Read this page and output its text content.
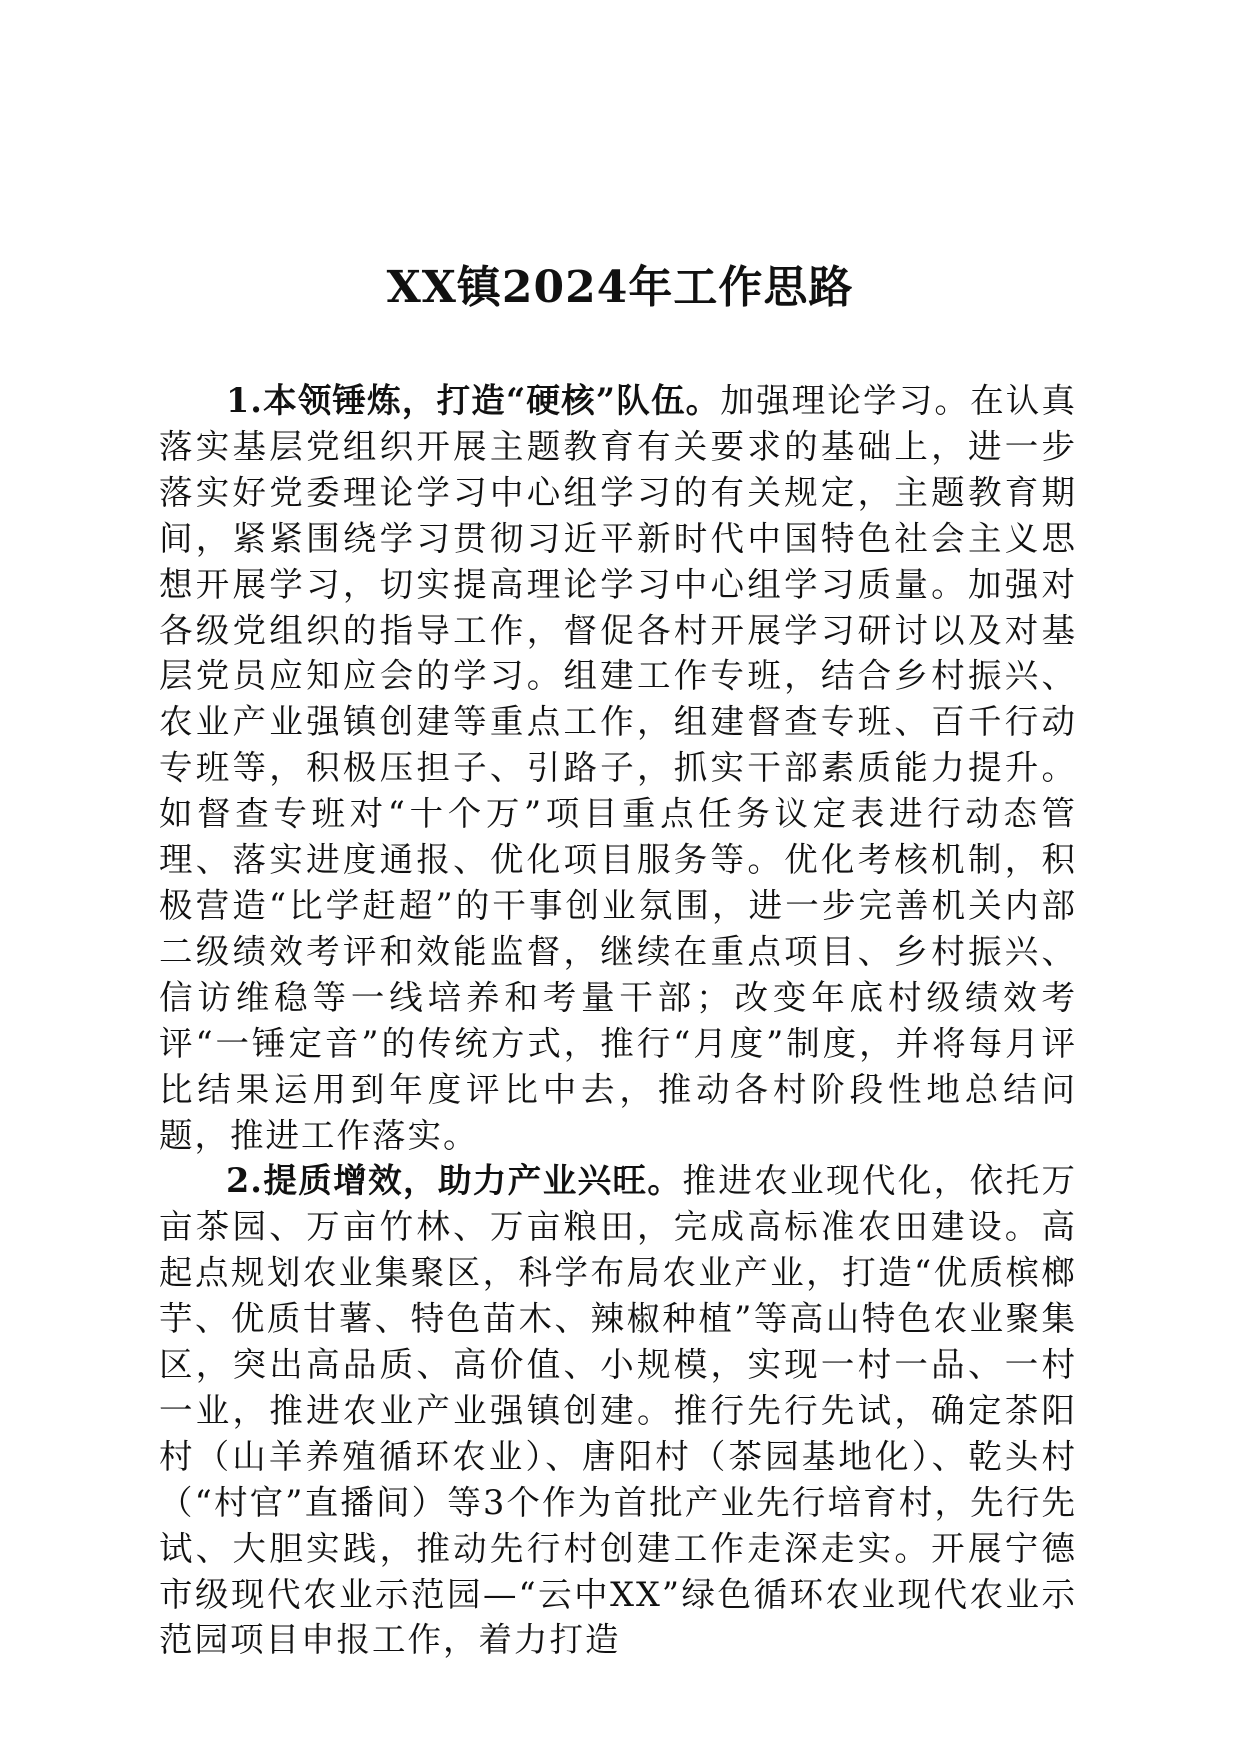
XX镇2024年工作思路

1.本领锤炼，打造“硬核”队伍。加强理论学习。在认真落实基层党组织开展主题教育有关要求的基础上，进一步落实好党委理论学习中心组学习的有关规定，主题教育期间，紧紧围绕学习贯彻习近平新时代中国特色社会主义思想开展学习，切实提高理论学习中心组学习质量。加强对各级党组织的指导工作，督促各村开展学习研讨以及对基层党员应知应会的学习。组建工作专班，结合乡村振兴、农业产业强镇创建等重点工作，组建督查专班、百千行动专班等，积极压担子、引路子，抓实干部素质能力提升。如督查专班对“十个万”项目重点任务议定表进行动态管理、落实进度通报、优化项目服务等。优化考核机制，积极营造“比学赶超”的干事创业氛围，进一步完善机关内部二级绩效考评和效能监督，继续在重点项目、乡村振兴、信访维稳等一线培养和考量干部；改变年底村级绩效考评“一锤定音”的传统方式，推行“月度”制度，并将每月评比结果运用到年度评比中去，推动各村阶段性地总结问题，推进工作落实。

2.提质增效，助力产业兴旺。推进农业现代化，依托万亩茶园、万亩竹林、万亩粮田，完成高标准农田建设。高起点规划农业集聚区，科学布局农业产业，打造“优质槟榔芋、优质甘薯、特色苗木、辣椒种植”等高山特色农业聚集区，突出高品质、高价值、小规模，实现一村一品、一村一业，推进农业产业强镇创建。推行先行先试，确定茶阳村（山羊养殖循环农业）、唐阳村（茶园基地化）、乾头村（“村官”直播间）等3个作为首批产业先行培育村，先行先试、大胆实践，推动先行村创建工作走深走实。开展宁德市级现代农业示范园—“云中XX”绿色循环农业现代农业示范园项目申报工作，着力打造
